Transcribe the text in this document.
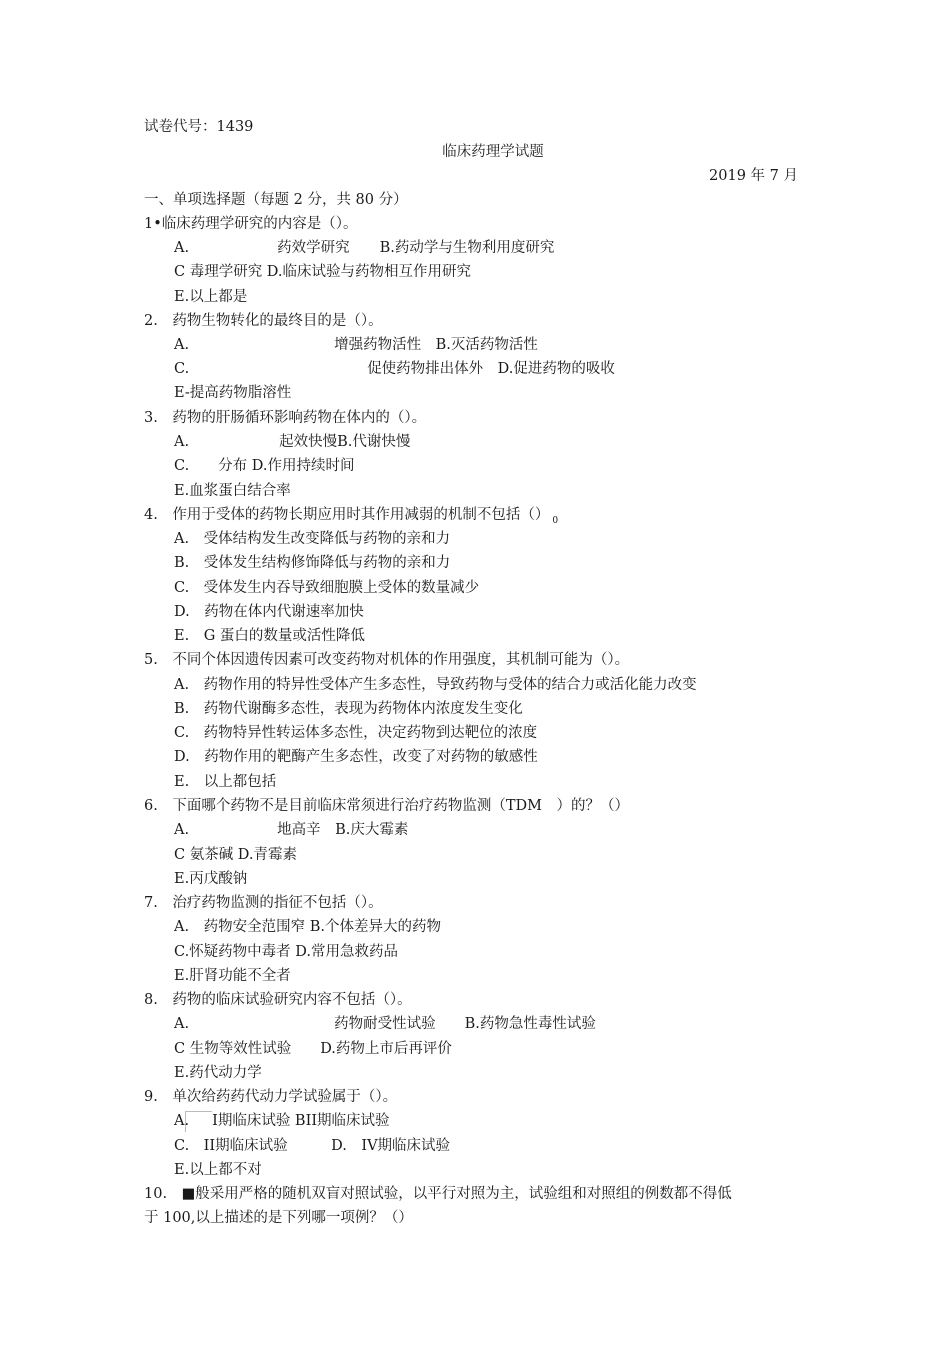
试卷代号：1439
临床药理学试题
2019 年 7 月
一、单项选择题（每题 2 分，共 80 分）
1•临床药理学研究的内容是（）。
A.	药效学研究 B.药动学与生物利用度研究
C 毒理学研究 D.临床试验与药物相互作用研究
E.以上都是
2.　药物生物转化的最终目的是（）。
A.	增强药物活性　B.灭活药物活性
C.	促使药物排出体外　D.促进药物的吸收
E-提高药物脂溶性
3.　药物的肝肠循环影响药物在体内的（）。
A.	起效快慢B.代谢快慢
C.　　分布 D.作用持续时间
E.血浆蛋白结合率
4.　作用于受体的药物长期应用时其作用减弱的机制不包括（） $_0$
A.　受体结构发生改变降低与药物的亲和力
B.　受体发生结构修饰降低与药物的亲和力
C.　受体发生内吞导致细胞膜上受体的数量减少
D.　药物在体内代谢速率加快
E.　G 蛋白的数量或活性降低
5.　不同个体因遗传因素可改变药物对机体的作用强度，其机制可能为（）。
A.　药物作用的特异性受体产生多态性，导致药物与受体的结合力或活化能力改变
B.　药物代谢酶多态性，表现为药物体内浓度发生变化
C.　药物特异性转运体多态性，决定药物到达靶位的浓度
D.　药物作用的靶酶产生多态性，改变了对药物的敏感性
E.　以上都包括
6.　下面哪个药物不是目前临床常须进行治疗药物监测（TDM　）的？（）
A.	地高辛　B.庆大霉素
C 氨茶碱 D.青霉素
E.丙戊酸钠
7.　治疗药物监测的指征不包括（）。
A.　药物安全范围窄 B.个体差异大的药物
C.怀疑药物中毒者 D.常用急救药品
E.肝肾功能不全者
8.　药物的临床试验研究内容不包括（）。
A.	药物耐受性试验　　B.药物急性毒性试验
C 生物等效性试验　　D.药物上市后再评价
E.药代动力学
9.　单次给药药代动力学试验属于（）。
A. I期临床试验 BII期临床试验
C.　II期临床试验　　　D.　IV期临床试验
E.以上都不对
10.　■般采用严格的随机双盲对照试验，以平行对照为主，试验组和对照组的例数都不得低
于 100,以上描述的是下列哪一项例？（）
